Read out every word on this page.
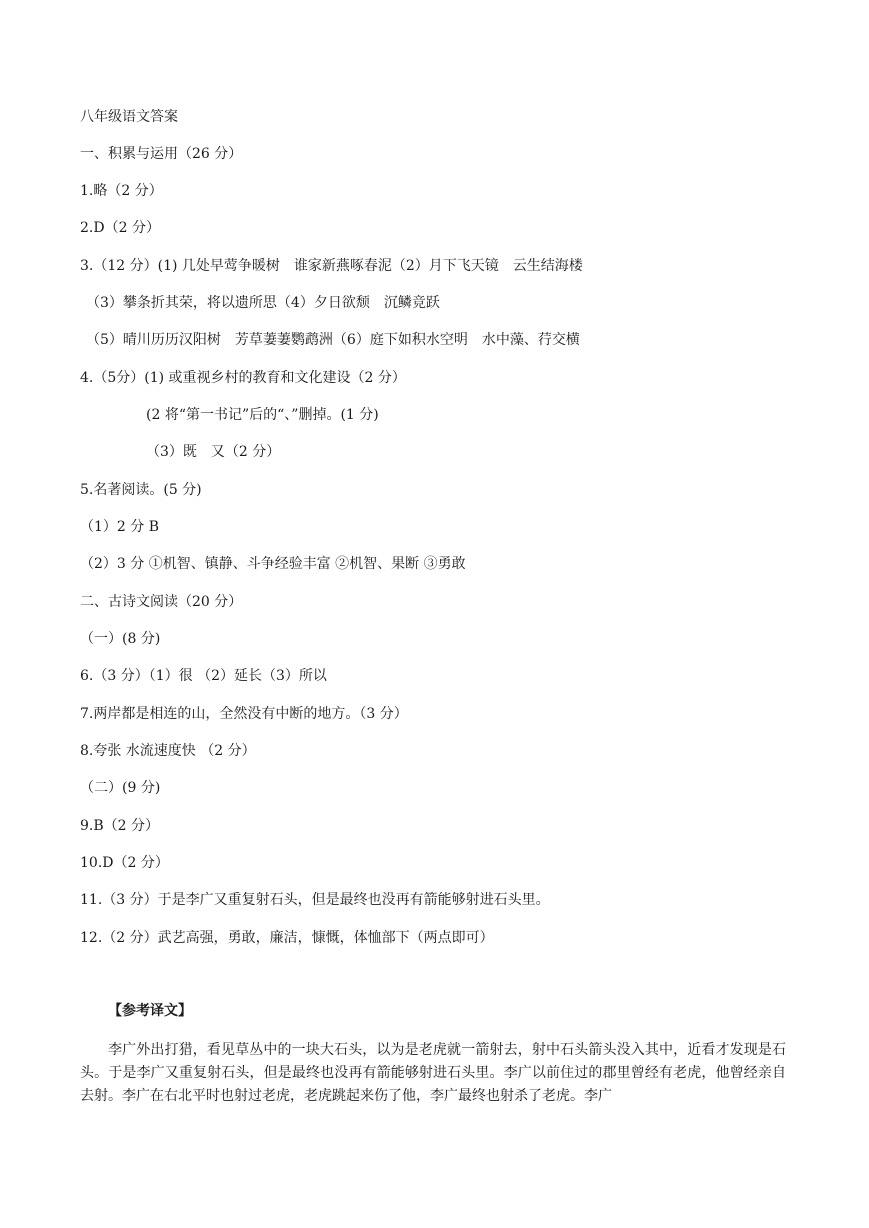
八年级语文答案
一、积累与运用（26 分）
1.略（2 分）
2.D（2 分）
3.（12 分）(1) 几处早莺争暖树　谁家新燕啄春泥（2）月下飞天镜　云生结海楼
（3）攀条折其荣，将以遗所思（4）夕日欲颓　沉鳞竞跃
（5）晴川历历汉阳树　芳草萋萋鹦鹉洲（6）庭下如积水空明　水中藻、荇交横
4.（5分）(1) 或重视乡村的教育和文化建设（2 分）
(2 将“第一书记”后的“、”删掉。(1 分)
（3）既　又（2 分）
5.名著阅读。(5 分)
（1）2 分 B
（2）3 分 ①机智、镇静、斗争经验丰富 ②机智、果断 ③勇敢
二、古诗文阅读（20 分）
（一）(8 分)
6.（3 分）（1）很 （2）延长（3）所以
7.两岸都是相连的山，全然没有中断的地方。（3 分）
8.夸张 水流速度快 （2 分）
（二）(9 分)
9.B（2 分）
10.D（2 分）
11.（3 分）于是李广又重复射石头，但是最终也没再有箭能够射进石头里。
12.（2 分）武艺高强，勇敢，廉洁，慷慨，体恤部下（两点即可）
【参考译文】
李广外出打猎，看见草丛中的一块大石头，以为是老虎就一箭射去，射中石头箭头没入其中，近看才发现是石头。于是李广又重复射石头，但是最终也没再有箭能够射进石头里。李广以前住过的郡里曾经有老虎，他曾经亲自去射。李广在右北平时也射过老虎，老虎跳起来伤了他，李广最终也射杀了老虎。李广
